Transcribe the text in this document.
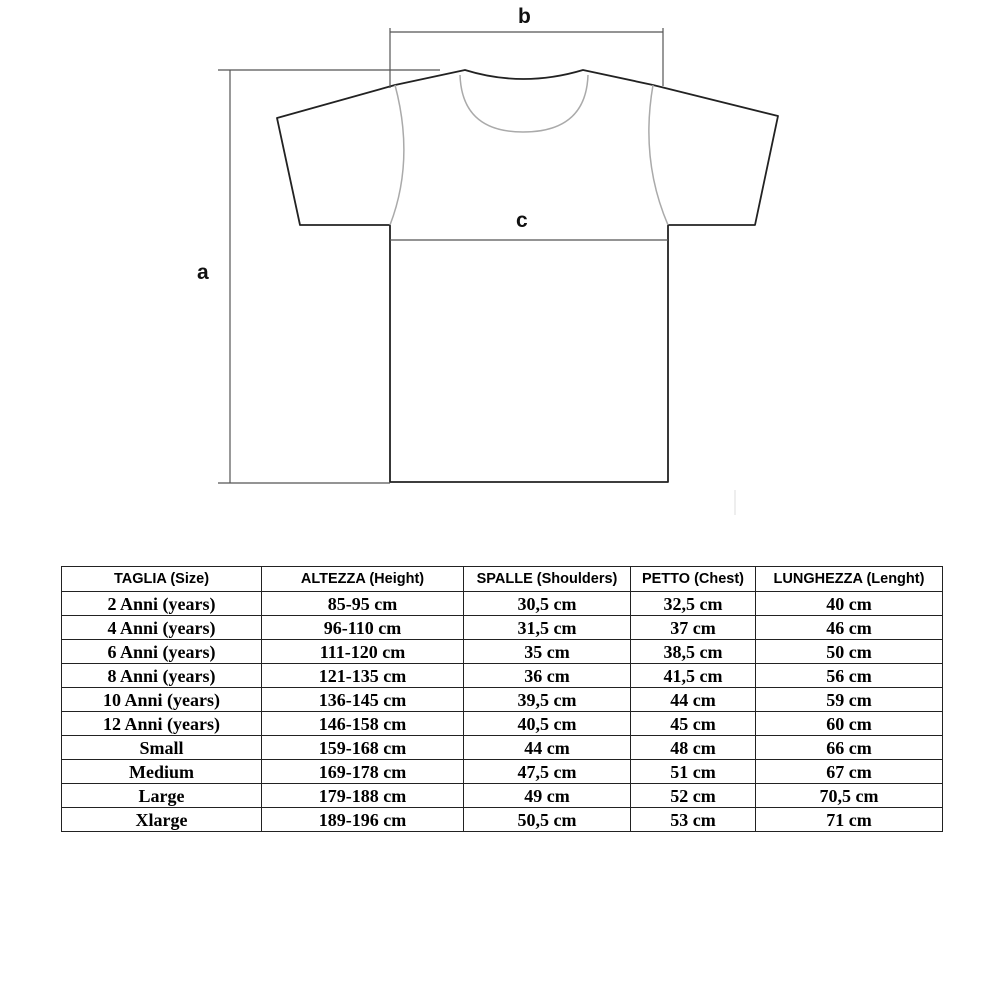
a
b
c
TAGLIA (Size)	ALTEZZA (Height)	SPALLE (Shoulders)	PETTO (Chest)	LUNGHEZZA (Lenght)
2 Anni (years)	85-95 cm	30,5 cm	32,5 cm	40 cm
4 Anni (years)	96-110 cm	31,5 cm	37 cm	46 cm
6 Anni (years)	111-120 cm	35 cm	38,5 cm	50 cm
8 Anni (years)	121-135 cm	36 cm	41,5 cm	56 cm
10 Anni (years)	136-145 cm	39,5 cm	44 cm	59 cm
12 Anni (years)	146-158 cm	40,5 cm	45 cm	60 cm
Small	159-168 cm	44 cm	48 cm	66 cm
Medium	169-178 cm	47,5 cm	51 cm	67 cm
Large	179-188 cm	49 cm	52 cm	70,5 cm
Xlarge	189-196 cm	50,5 cm	53 cm	71 cm
